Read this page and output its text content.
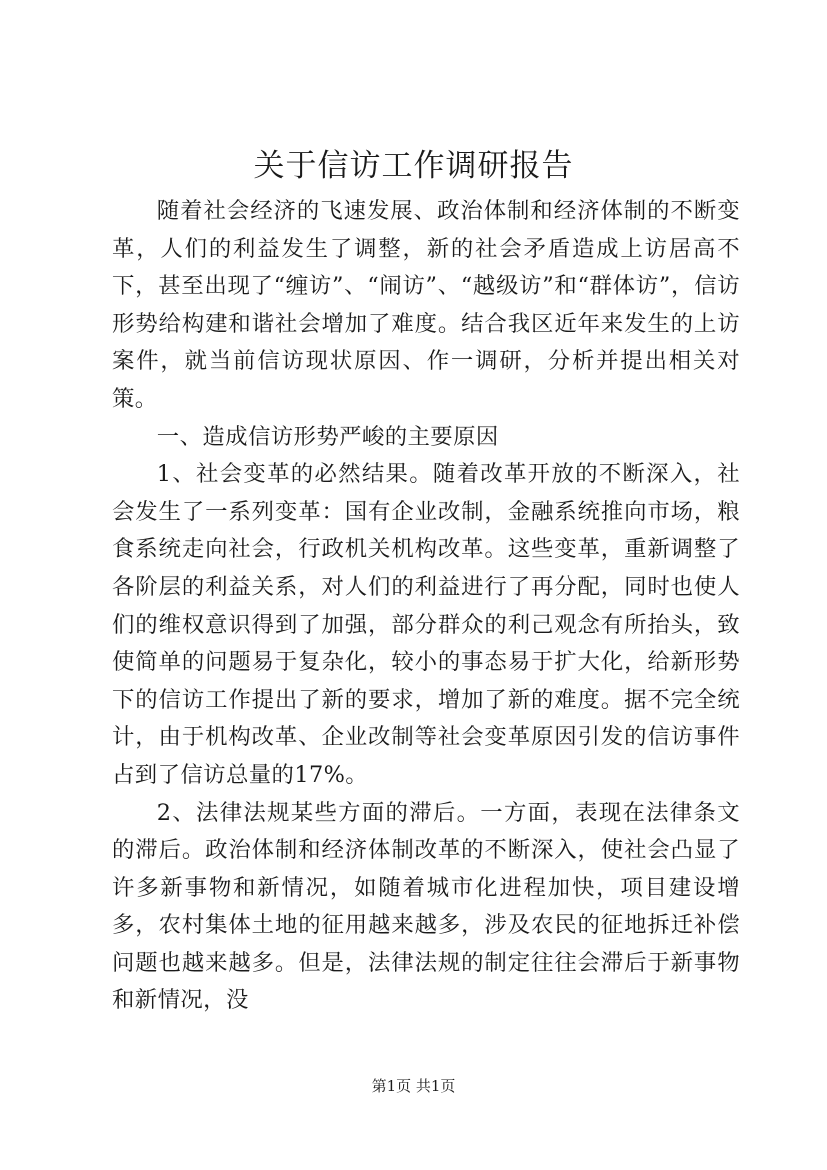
关于信访工作调研报告

随着社会经济的飞速发展、政治体制和经济体制的不断变革，人们的利益发生了调整，新的社会矛盾造成上访居高不下，甚至出现了“缠访”、“闹访”、“越级访”和“群体访”，信访形势给构建和谐社会增加了难度。结合我区近年来发生的上访案件，就当前信访现状原因、作一调研，分析并提出相关对策。

一、造成信访形势严峻的主要原因

1、社会变革的必然结果。随着改革开放的不断深入，社会发生了一系列变革：国有企业改制，金融系统推向市场，粮食系统走向社会，行政机关机构改革。这些变革，重新调整了各阶层的利益关系，对人们的利益进行了再分配，同时也使人们的维权意识得到了加强，部分群众的利己观念有所抬头，致使简单的问题易于复杂化，较小的事态易于扩大化，给新形势下的信访工作提出了新的要求，增加了新的难度。据不完全统计，由于机构改革、企业改制等社会变革原因引发的信访事件占到了信访总量的17%。

2、法律法规某些方面的滞后。一方面，表现在法律条文的滞后。政治体制和经济体制改革的不断深入，使社会凸显了许多新事物和新情况，如随着城市化进程加快，项目建设增多，农村集体土地的征用越来越多，涉及农民的征地拆迁补偿问题也越来越多。但是，法律法规的制定往往会滞后于新事物和新情况，没

第1页 共1页
